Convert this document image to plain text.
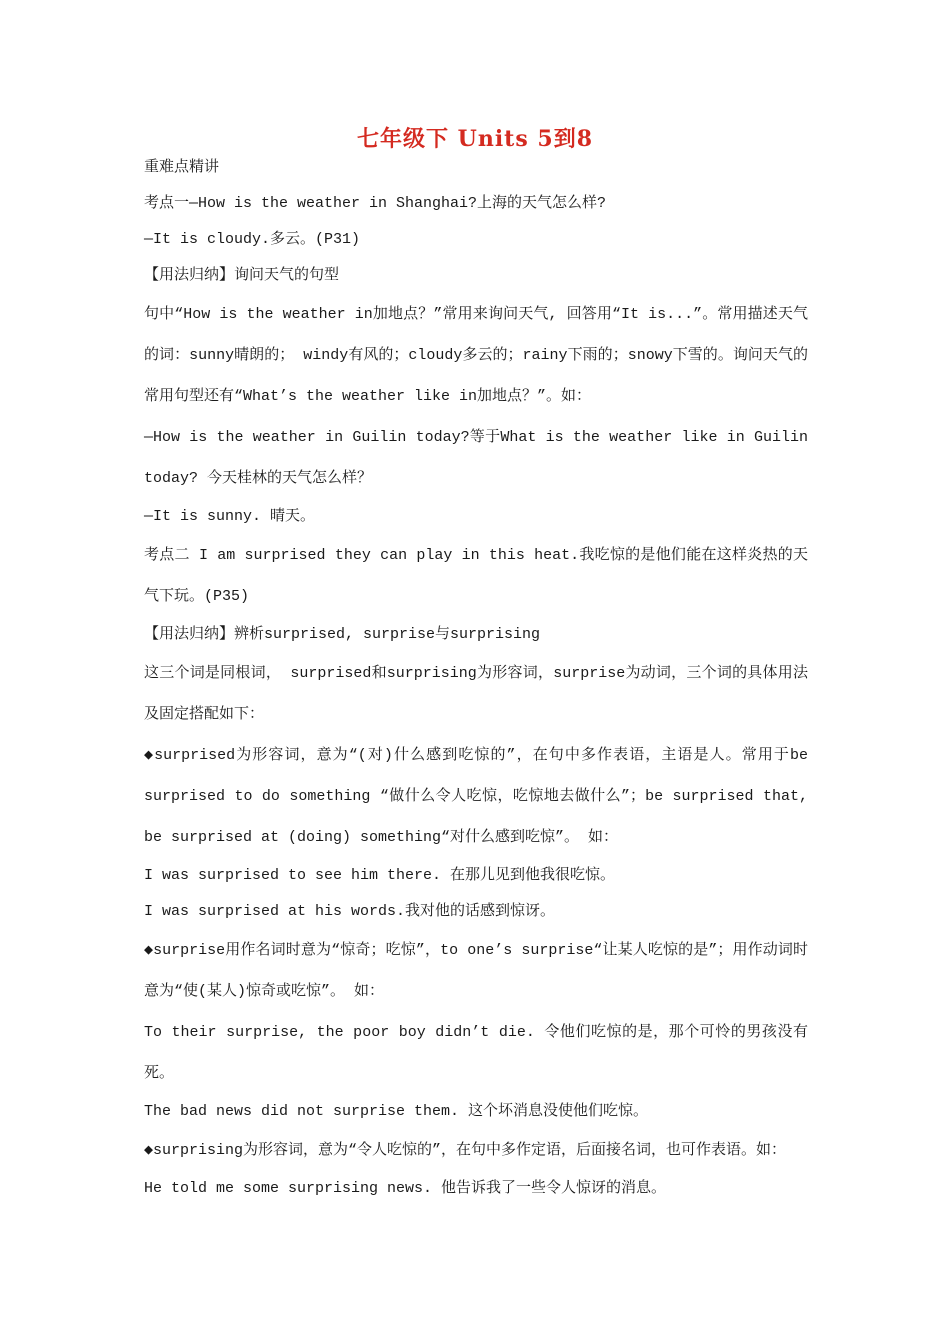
七年级下 Units 5到8

重难点精讲

考点一—How is the weather in Shanghai?上海的天气怎么样?

—It is cloudy.多云。(P31)

【用法归纳】询问天气的句型

句中“How is the weather in加地点？”常用来询问天气, 回答用“It is...”。常用描述天气的词：sunny晴朗的； windy有风的；cloudy多云的；rainy下雨的；snowy下雪的。询问天气的常用句型还有“What’s the weather like in加地点？”。如：

—How is the weather in Guilin today?等于What is the weather like in Guilin today? 今天桂林的天气怎么样？

—It is sunny. 晴天。

考点二 I am surprised they can play in this heat.我吃惊的是他们能在这样炎热的天气下玩。(P35)

【用法归纳】辨析surprised, surprise与surprising

这三个词是同根词， surprised和surprising为形容词，surprise为动词，三个词的具体用法及固定搭配如下：

◆surprised为形容词，意为“(对)什么感到吃惊的”，在句中多作表语，主语是人。常用于be surprised to do something “做什么令人吃惊，吃惊地去做什么”；be surprised that, be surprised at (doing) something“对什么感到吃惊”。 如：

I was surprised to see him there. 在那儿见到他我很吃惊。

I was surprised at his words.我对他的话感到惊讶。

◆surprise用作名词时意为“惊奇；吃惊”，to one’s surprise“让某人吃惊的是”；用作动词时意为“使(某人)惊奇或吃惊”。 如：

To their surprise, the poor boy didn’t die. 令他们吃惊的是，那个可怜的男孩没有死。

The bad news did not surprise them. 这个坏消息没使他们吃惊。

◆surprising为形容词，意为“令人吃惊的”，在句中多作定语，后面接名词，也可作表语。如：

He told me some surprising news. 他告诉我了一些令人惊讶的消息。
